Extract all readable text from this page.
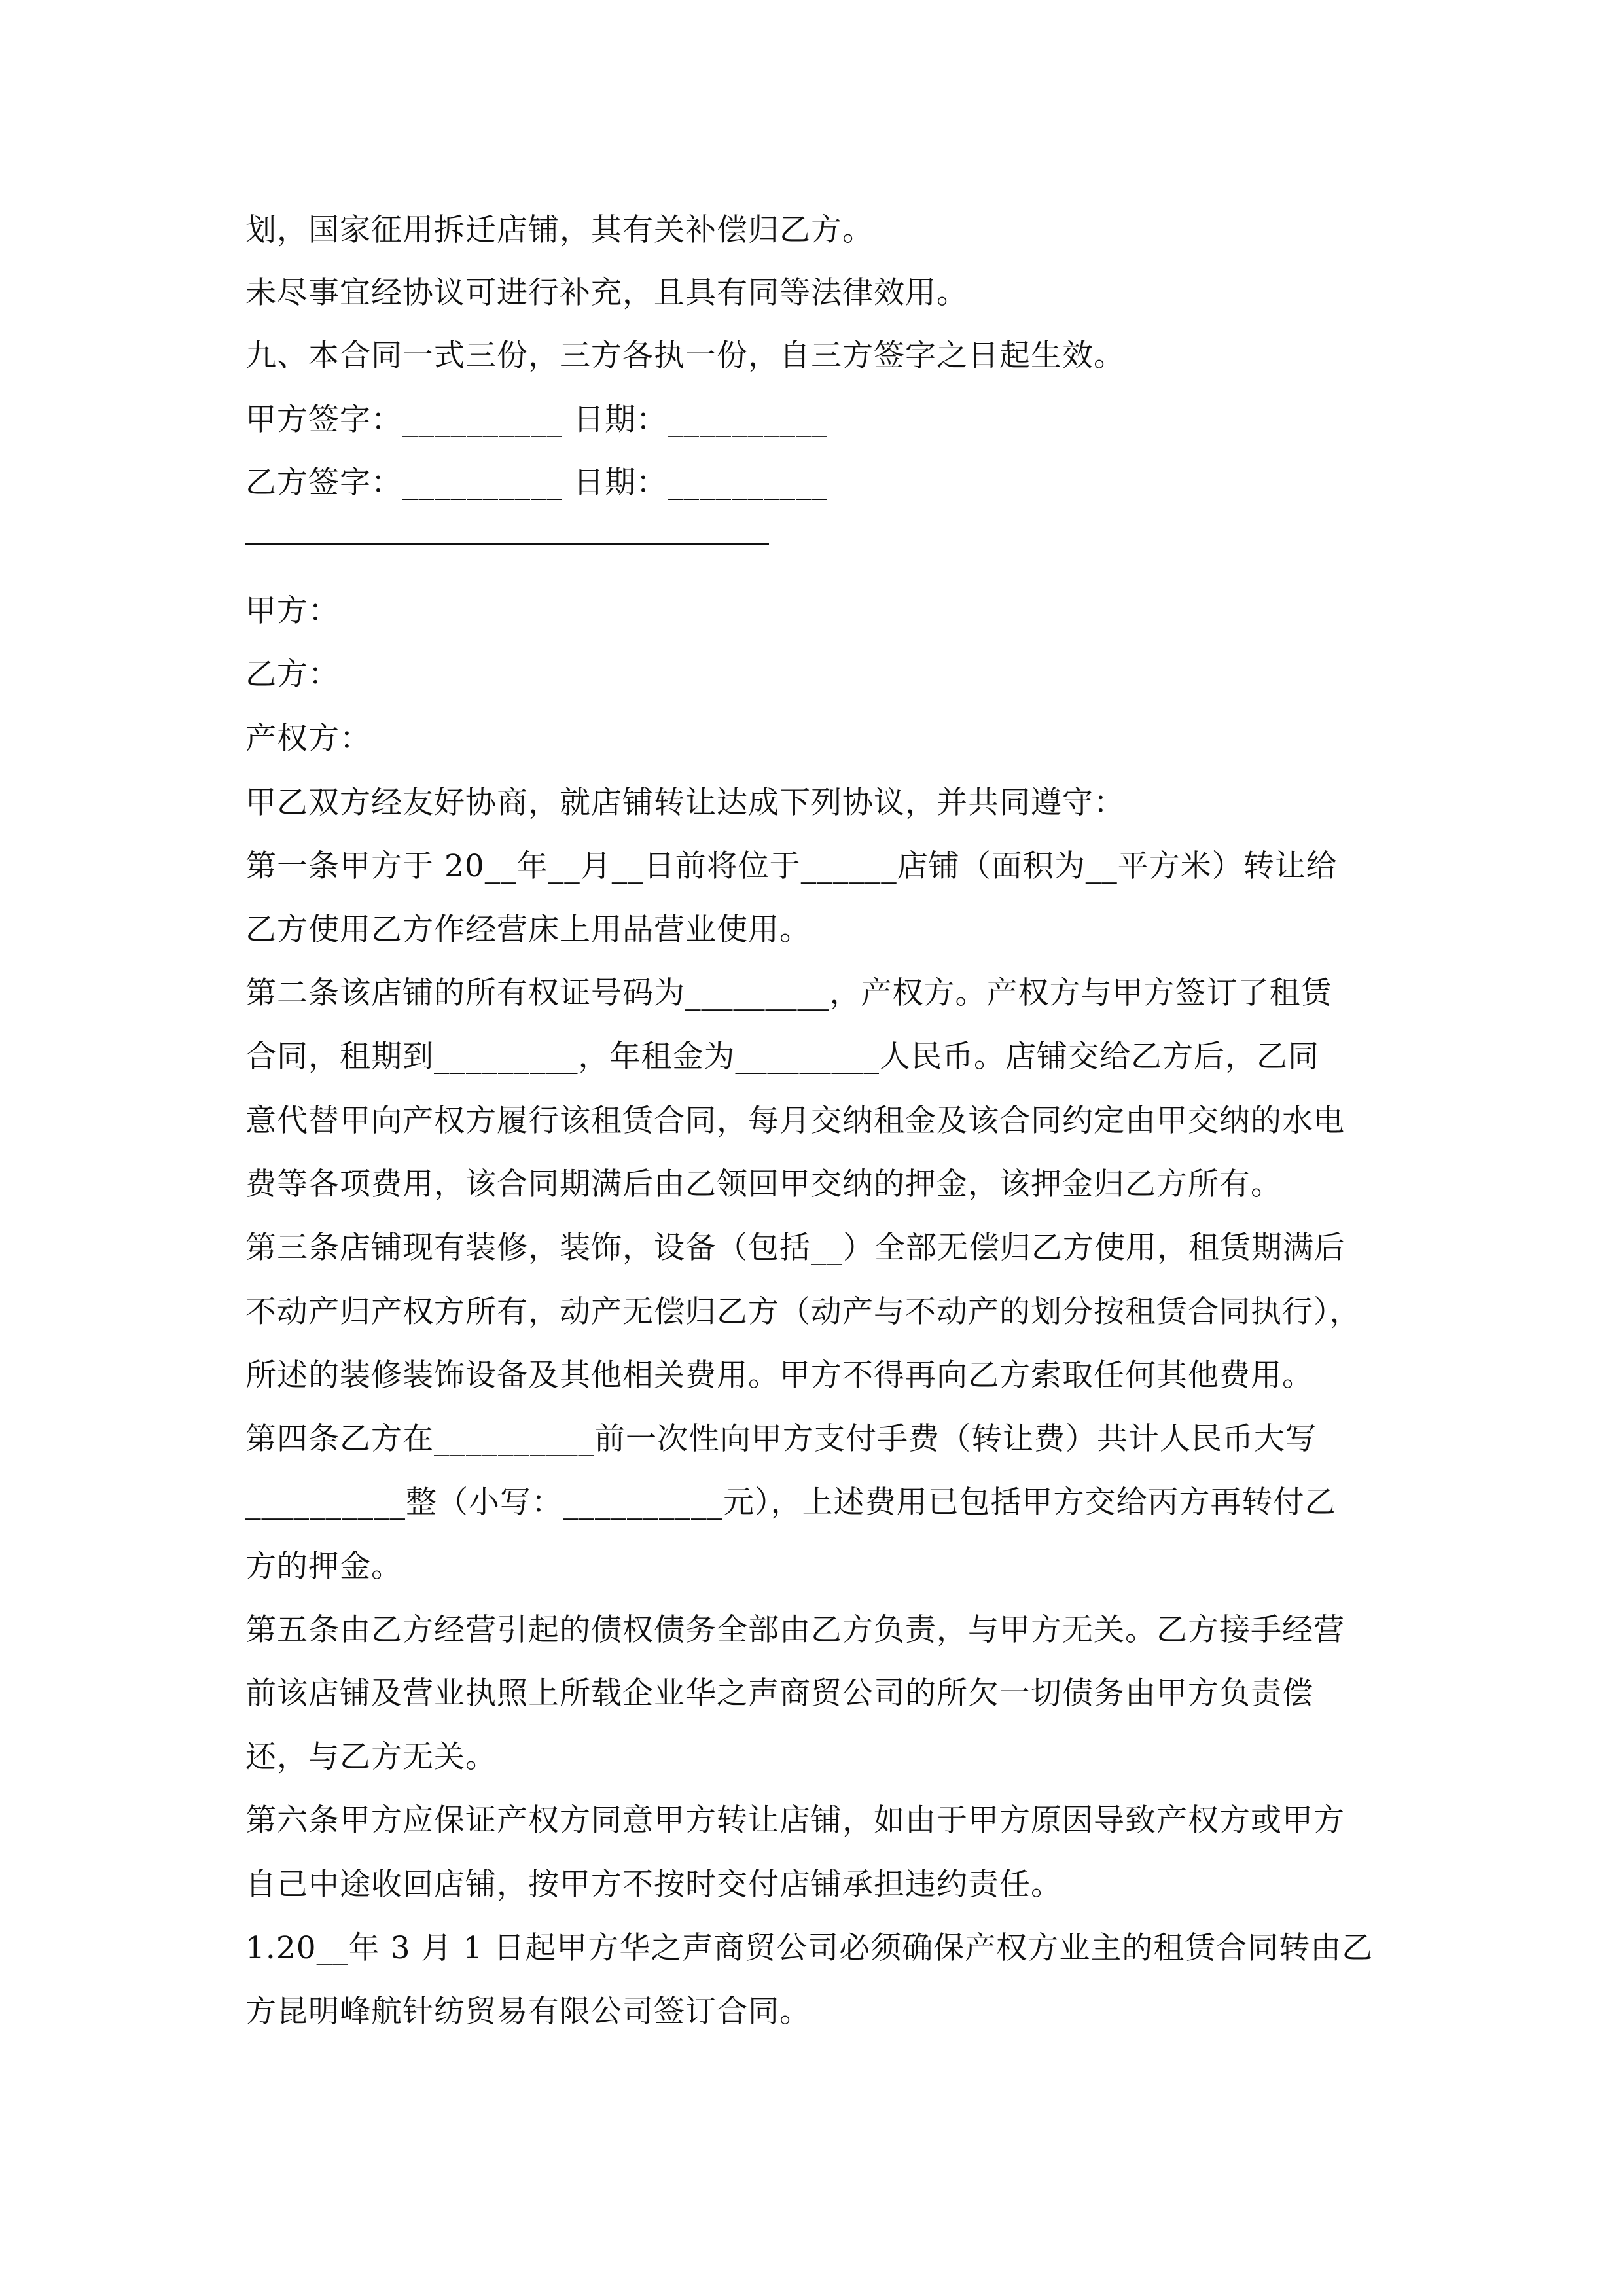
划，国家征用拆迁店铺，其有关补偿归乙方。
未尽事宜经协议可进行补充，且具有同等法律效用。
九、本合同一式三份，三方各执一份，自三方签字之日起生效。
甲方签字：__________ 日期：__________
乙方签字：__________ 日期：__________
甲方：
乙方：
产权方：
甲乙双方经友好协商，就店铺转让达成下列协议，并共同遵守：
第一条甲方于 20__年__月__日前将位于______店铺（面积为__平方米）转让给
乙方使用乙方作经营床上用品营业使用。
第二条该店铺的所有权证号码为_________，产权方。产权方与甲方签订了租赁
合同，租期到_________，年租金为_________人民币。店铺交给乙方后，乙同
意代替甲向产权方履行该租赁合同，每月交纳租金及该合同约定由甲交纳的水电
费等各项费用，该合同期满后由乙领回甲交纳的押金，该押金归乙方所有。
第三条店铺现有装修，装饰，设备（包括__）全部无偿归乙方使用，租赁期满后
不动产归产权方所有，动产无偿归乙方（动产与不动产的划分按租赁合同执行），
所述的装修装饰设备及其他相关费用。甲方不得再向乙方索取任何其他费用。
第四条乙方在__________前一次性向甲方支付手费（转让费）共计人民币大写
__________整（小写：__________元），上述费用已包括甲方交给丙方再转付乙
方的押金。
第五条由乙方经营引起的债权债务全部由乙方负责，与甲方无关。乙方接手经营
前该店铺及营业执照上所载企业华之声商贸公司的所欠一切债务由甲方负责偿
还，与乙方无关。
第六条甲方应保证产权方同意甲方转让店铺，如由于甲方原因导致产权方或甲方
自己中途收回店铺，按甲方不按时交付店铺承担违约责任。
1.20__年 3 月 1 日起甲方华之声商贸公司必须确保产权方业主的租赁合同转由乙
方昆明峰航针纺贸易有限公司签订合同。
